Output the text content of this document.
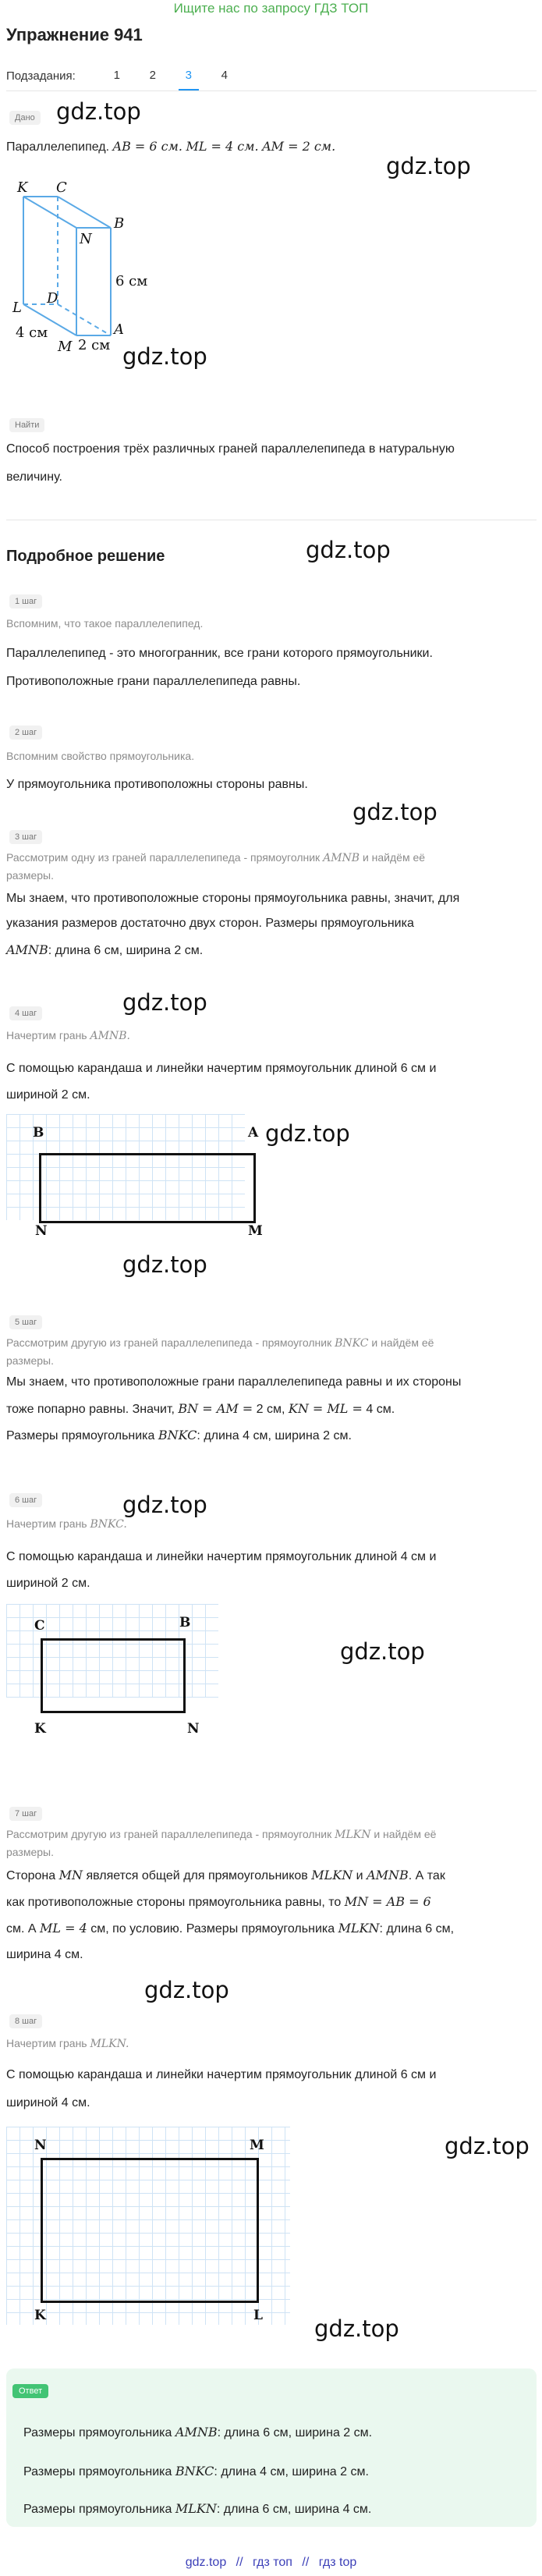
Ищите нас по запросу ГДЗ ТОП
Упражнение 941
Подзадания:	1	2	3	4
Дано gdz.top
Параллелепипед. AB = 6 см. ML = 4 см. AM = 2 см.
gdz.top
K C
B
N
L
D
A
M
6 см
4 см
2 см gdz.top
Найти
Способ построения трёх различных граней параллелепипеда в натуральную величину.
Подробное решение	gdz.top
1 шаг
Вспомним, что такое параллелепипед.
Параллелепипед - это многогранник, все грани которого прямоугольники.
Противоположные грани параллелепипеда равны.
2 шаг
Вспомним свойство прямоугольника.
У прямоугольника противоположны стороны равны.
gdz.top
3 шаг
Рассмотрим одну из граней параллелепипеда - прямоуголник AMNB и найдём её
размеры.
Мы знаем, что противоположные стороны прямоугольника равны, значит, для
указания размеров достаточно двух сторон. Размеры прямоугольника
AMNB: длина 6 см, ширина 2 см.
gdz.top
4 шаг
Начертим грань AMNB.
С помощью карандаша и линейки начертим прямоугольник длиной 6 см и
шириной 2 см.
B	A
N	M
gdz.top
gdz.top
5 шаг
Рассмотрим другую из граней параллелепипеда - прямоуголник BNKC и найдём её
размеры.
Мы знаем, что противоположные грани параллелепипеда равны и их стороны
тоже попарно равны. Значит, BN = AM = 2 см, KN = ML = 4 см.
Размеры прямоугольника BNKC: длина 4 см, ширина 2 см.
6 шаг	gdz.top
Начертим грань BNKC.
С помощью карандаша и линейки начертим прямоугольник длиной 4 см и
шириной 2 см.
C	B
K	N
gdz.top
7 шаг
Рассмотрим другую из граней параллелепипеда - прямоуголник MLKN и найдём её
размеры.
Сторона MN является общей для прямоугольников MLKN и AMNB. А так
как противоположные стороны прямоугольника равны, то MN = AB = 6
см. А ML = 4 см, по условию. Размеры прямоугольника MLKN: длина 6 см,
ширина 4 см.
gdz.top
8 шаг
Начертим грань MLKN.
С помощью карандаша и линейки начертим прямоугольник длиной 6 см и
шириной 4 см.
N	M
K	L
gdz.top
gdz.top
Ответ
Размеры прямоугольника AMNB: длина 6 см, ширина 2 см.
Размеры прямоугольника BNKC: длина 4 см, ширина 2 см.
Размеры прямоугольника MLKN: длина 6 см, ширина 4 см.
gdz.top // гдз топ // гдз top
